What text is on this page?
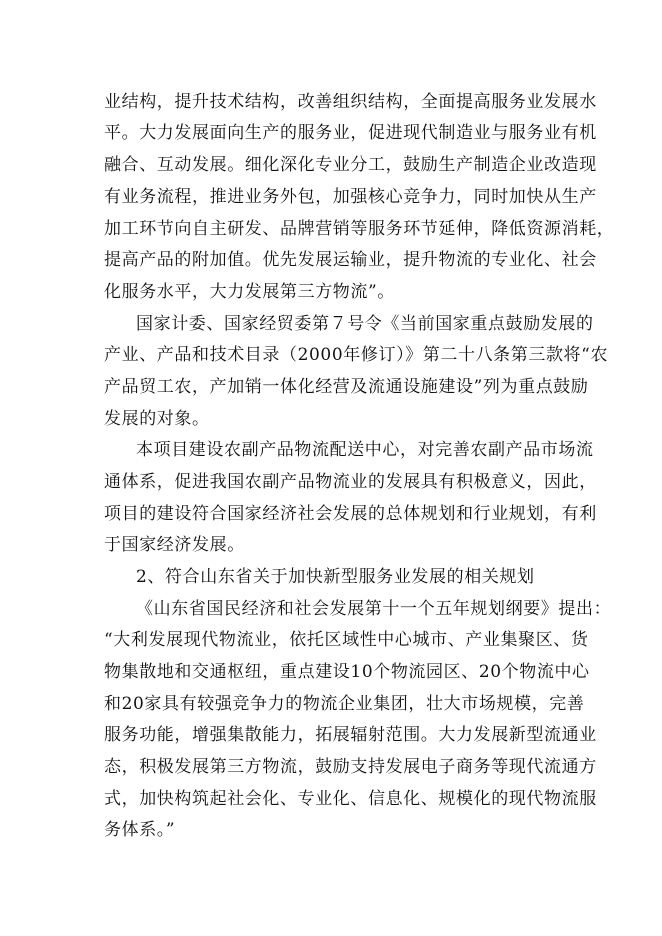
业结构，提升技术结构，改善组织结构，全面提高服务业发展水
平。大力发展面向生产的服务业，促进现代制造业与服务业有机
融合、互动发展。细化深化专业分工，鼓励生产制造企业改造现
有业务流程，推进业务外包，加强核心竞争力，同时加快从生产
加工环节向自主研发、品牌营销等服务环节延伸，降低资源消耗，
提高产品的附加值。优先发展运输业，提升物流的专业化、社会
化服务水平，大力发展第三方物流”。
国家计委、国家经贸委第７号令《当前国家重点鼓励发展的
产业、产品和技术目录（2000年修订）》第二十八条第三款将“农
产品贸工农，产加销一体化经营及流通设施建设”列为重点鼓励
发展的对象。
本项目建设农副产品物流配送中心，对完善农副产品市场流
通体系，促进我国农副产品物流业的发展具有积极意义，因此，
项目的建设符合国家经济社会发展的总体规划和行业规划，有利
于国家经济发展。
2、符合山东省关于加快新型服务业发展的相关规划
《山东省国民经济和社会发展第十一个五年规划纲要》提出：
“大利发展现代物流业，依托区域性中心城市、产业集聚区、货
物集散地和交通枢纽，重点建设10个物流园区、20个物流中心
和20家具有较强竞争力的物流企业集团，壮大市场规模，完善
服务功能，增强集散能力，拓展辐射范围。大力发展新型流通业
态，积极发展第三方物流，鼓励支持发展电子商务等现代流通方
式，加快构筑起社会化、专业化、信息化、规模化的现代物流服
务体系。”
